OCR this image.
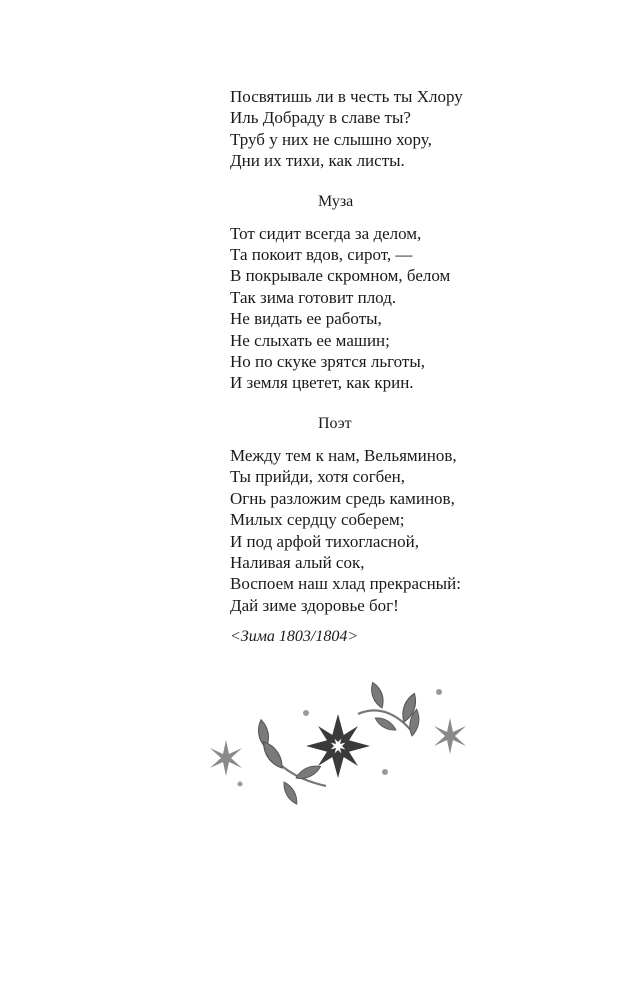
Посвятишь ли в честь ты Хлору
Иль Добраду в славе ты?
Труб у них не слышно хору,
Дни их тихи, как листы.
Муза
Тот сидит всегда за делом,
Та покоит вдов, сирот, —
В покрывале скромном, белом
Так зима готовит плод.
Не видать ее работы,
Не слыхать ее машин;
Но по скуке зрятся льготы,
И земля цветет, как крин.
Поэт
Между тем к нам, Вельяминов,
Ты прийди, хотя согбен,
Огнь разложим средь каминов,
Милых сердцу соберем;
И под арфой тихогласной,
Наливая алый сок,
Воспоем наш хлад прекрасный:
Дай зиме здоровье бог!
<Зима 1803/1804>
